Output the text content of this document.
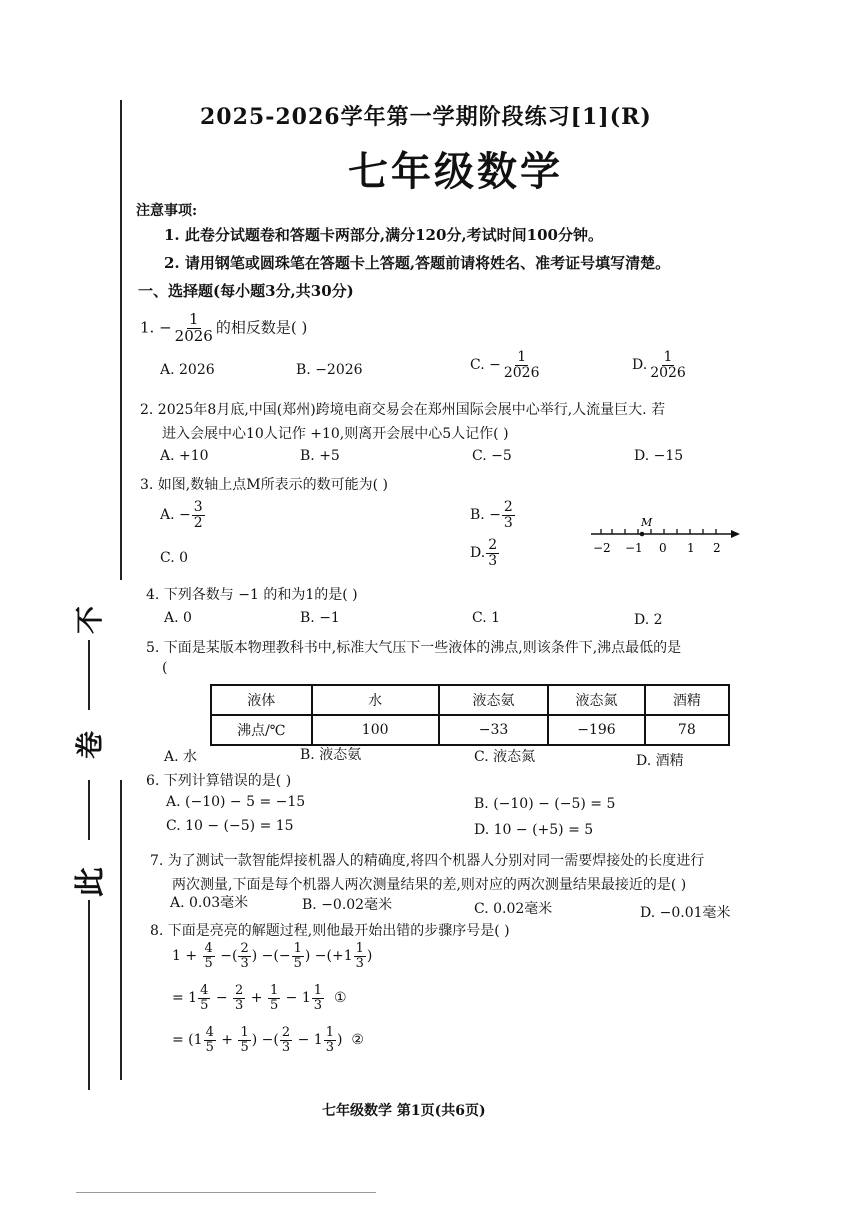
此
卷
不
2025-2026学年第一学期阶段练习[1](R)
七年级数学
注意事项:
1. 此卷分试题卷和答题卡两部分,满分120分,考试时间100分钟。
2. 请用钢笔或圆珠笔在答题卡上答题,答题前请将姓名、准考证号填写清楚。
一、选择题(每小题3分,共30分)
1. − $\frac{1}{2026}$ 的相反数是( )
A. 2026	B. −2026	C. − $\frac{1}{2026}$	D. $\frac{1}{2026}$
2. 2025年8月底,中国(郑州)跨境电商交易会在郑州国际会展中心举行,人流量巨大. 若
进入会展中心10人记作 +10,则离开会展中心5人记作( )
A. +10	B. +5	C. −5	D. −15
3. 如图,数轴上点M所表示的数可能为( )
A. − $\frac{3}{2}$	B. − $\frac{2}{3}$
C. 0	D. $\frac{2}{3}$
M
−2 −1 0 1 2
4. 下列各数与 −1 的和为1的是( )
A. 0	B. −1	C. 1	D. 2
5. 下面是某版本物理教科书中,标准大气压下一些液体的沸点,则该条件下,沸点最低的是
(
液体	水	液态氨	液态氮	酒精
沸点/℃	100	−33	−196	78
A. 水	B. 液态氨	C. 液态氮	D. 酒精
6. 下列计算错误的是( )
A. (−10) − 5 = −15	B. (−10) − (−5) = 5
C. 10 − (−5) = 15	D. 10 − (+5) = 5
7. 为了测试一款智能焊接机器人的精确度,将四个机器人分别对同一需要焊接处的长度进行
两次测量,下面是每个机器人两次测量结果的差,则对应的两次测量结果最接近的是( )
A. 0.03毫米	B. −0.02毫米	C. 0.02毫米	D. −0.01毫米
8. 下面是亮亮的解题过程,则他最开始出错的步骤序号是( )
$1 + \frac{4}{5}$ −( $\frac{2}{3}$ ) −(− $\frac{1}{5}$ ) $-(+1 \frac{1}{3}$ )
= $1 \frac{4}{5} - \frac{2}{3} + \frac{1}{5} - 1 \frac{1}{3}$ ①
= ($1 \frac{4}{5} + \frac{1}{5}$ ) −( $\frac{2}{3} - 1 \frac{1}{3}$ )  ②
七年级数学 第1页(共6页)
